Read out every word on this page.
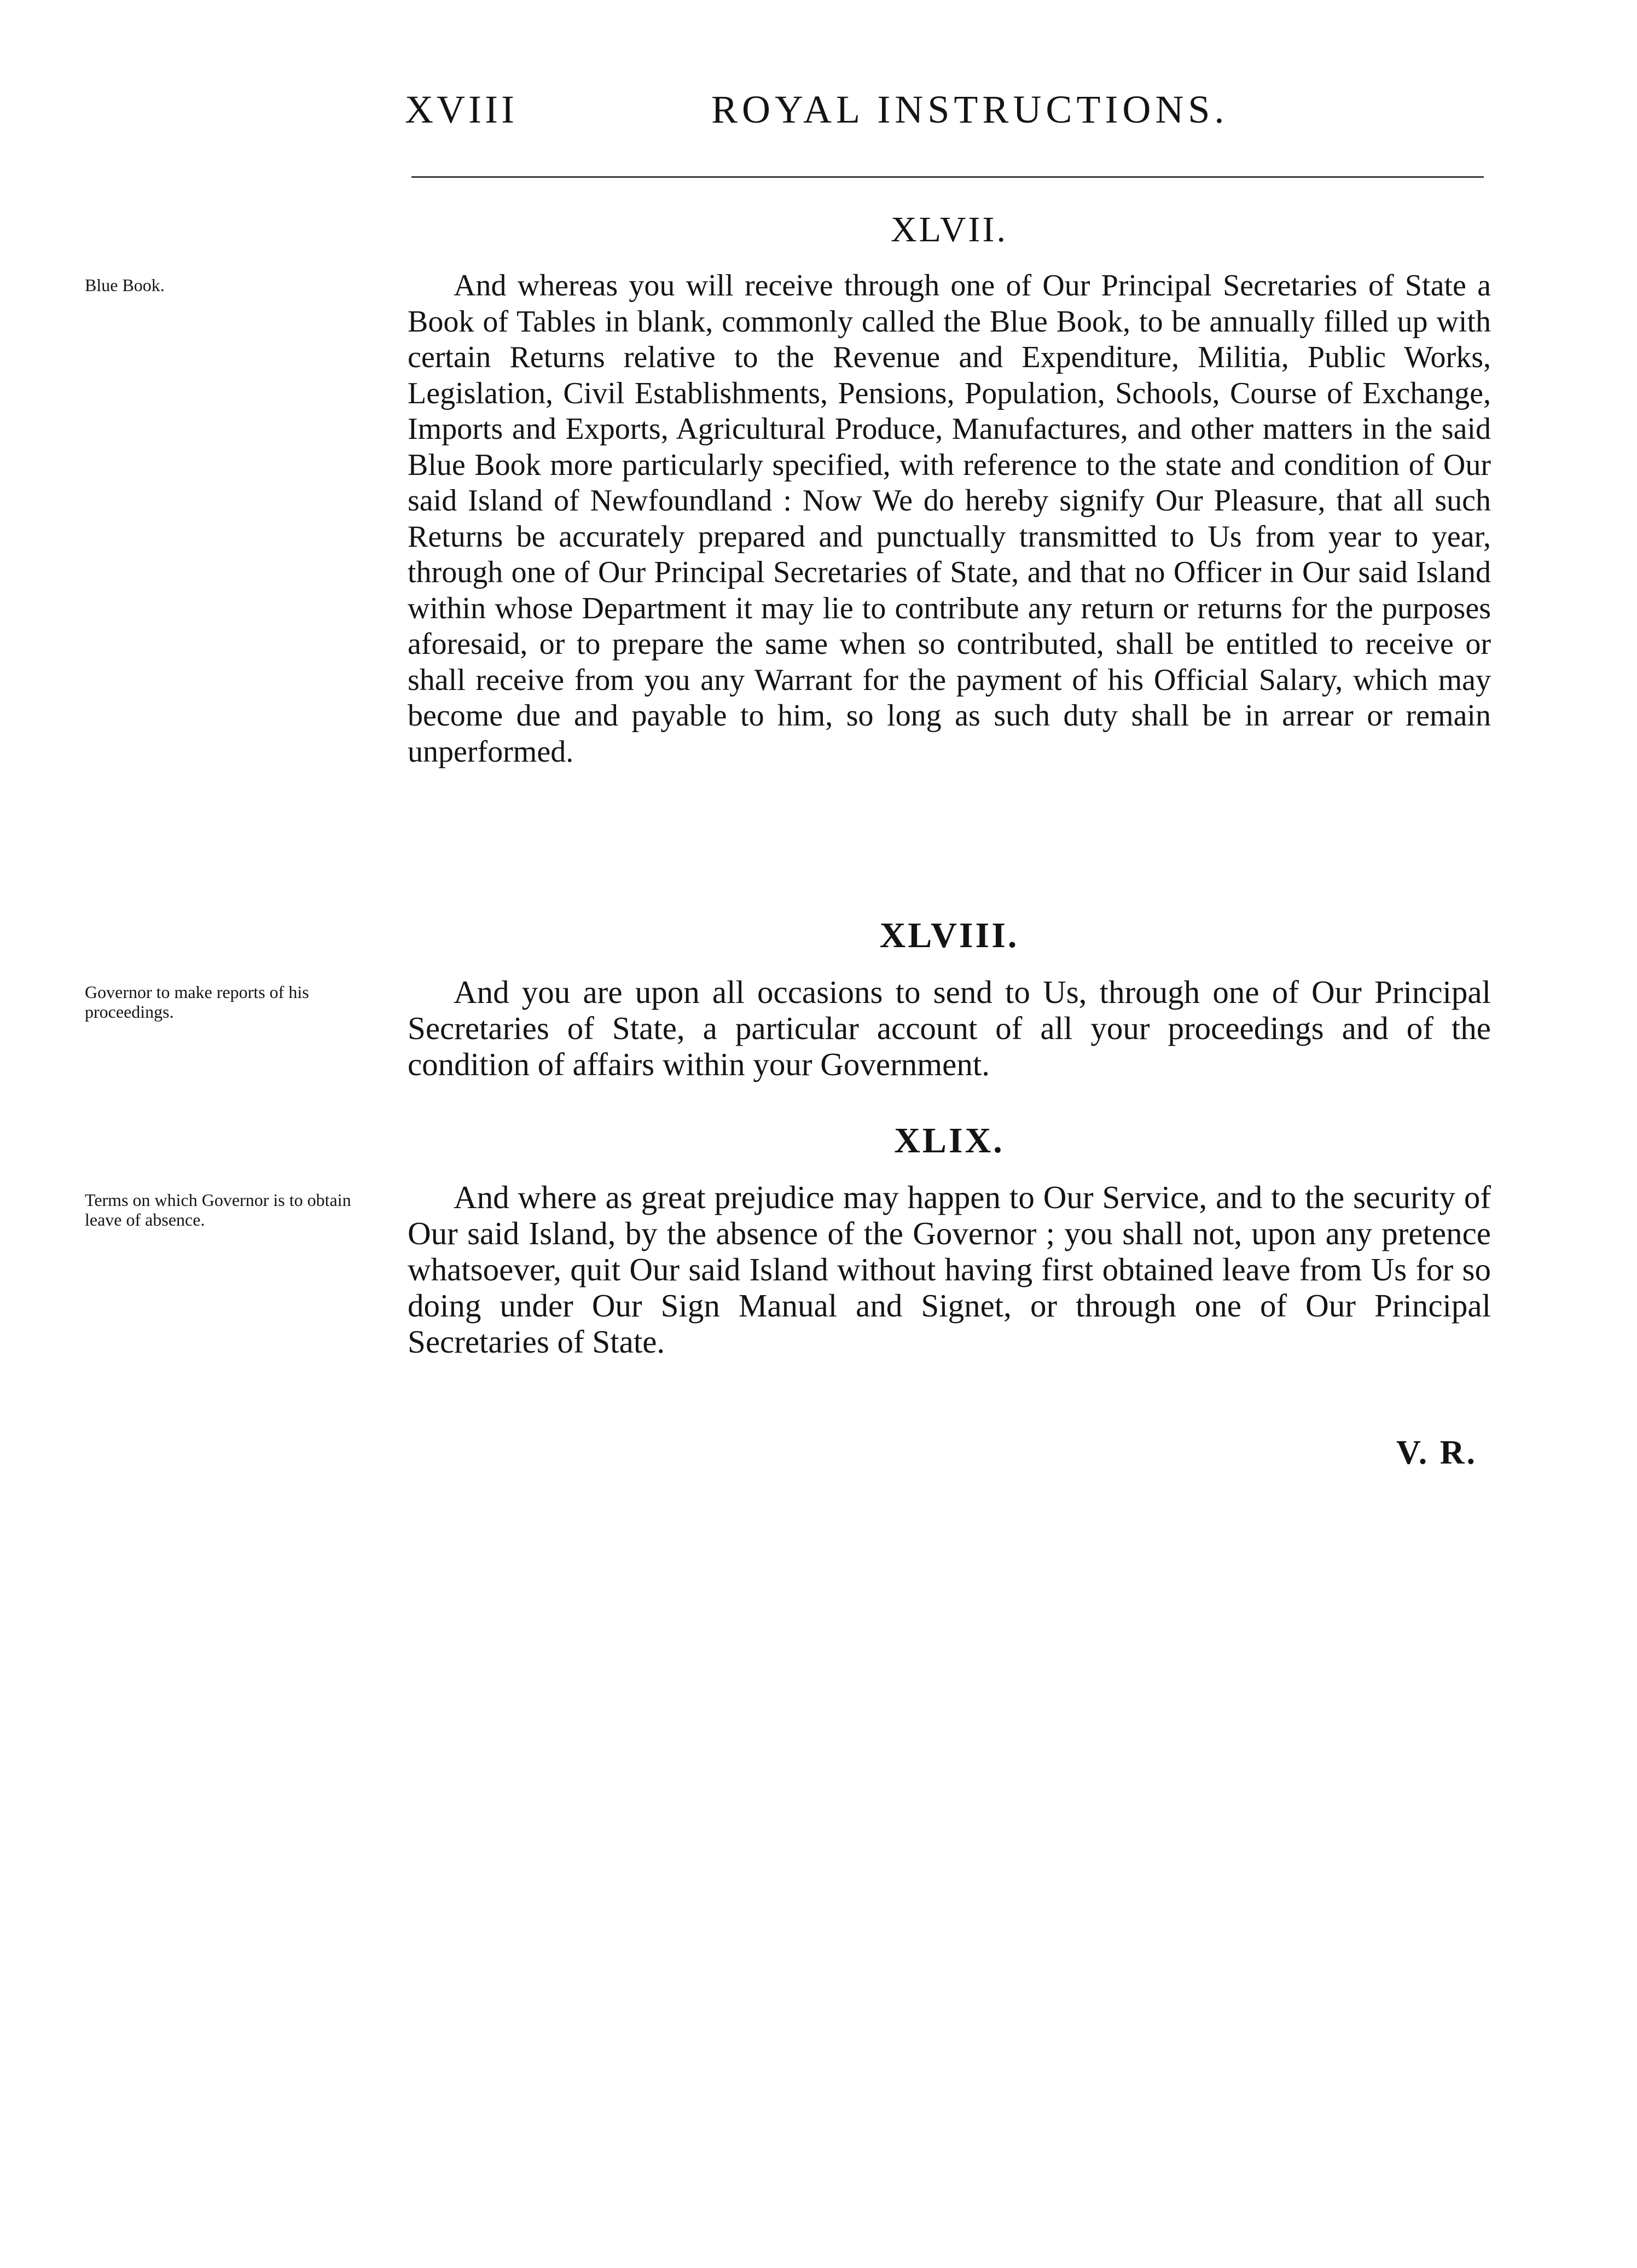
XVIII	ROYAL INSTRUCTIONS.
XLVII.

Blue Book.	And whereas you will receive through one of Our Principal Secretaries of State a Book of Tables in blank, commonly called the Blue Book, to be annually filled up with certain Returns relative to the Revenue and Expenditure, Militia, Public Works, Legislation, Civil Establishments, Pensions, Population, Schools, Course of Exchange, Imports and Exports, Agricultural Produce, Manufactures, and other matters in the said Blue Book more particularly specified, with reference to the state and condition of Our said Island of Newfoundland : Now We do hereby signify Our Pleasure, that all such Returns be accurately prepared and punctually transmitted to Us from year to year, through one of Our Principal Secretaries of State, and that no Officer in Our said Island within whose Department it may lie to contribute any return or returns for the purposes aforesaid, or to prepare the same when so contributed, shall be entitled to receive or shall receive from you any Warrant for the payment of his Official Salary, which may become due and payable to him, so long as such duty shall be in arrear or remain unperformed.

XLVIII.

Governor to make reports of his proceedings.

And you are upon all occasions to send to Us, through one of Our Principal Secretaries of State, a particular account of all your proceedings and of the condition of affairs within your Government.

XLIX.

Terms on which Governor is to obtain leave of absence.

And where as great prejudice may happen to Our Service, and to the security of Our said Island, by the absence of the Governor ; you shall not, upon any pretence whatsoever, quit Our said Island without having first obtained leave from Us for so doing under Our Sign Manual and Signet, or through one of Our Principal Secretaries of State.

V. R.
